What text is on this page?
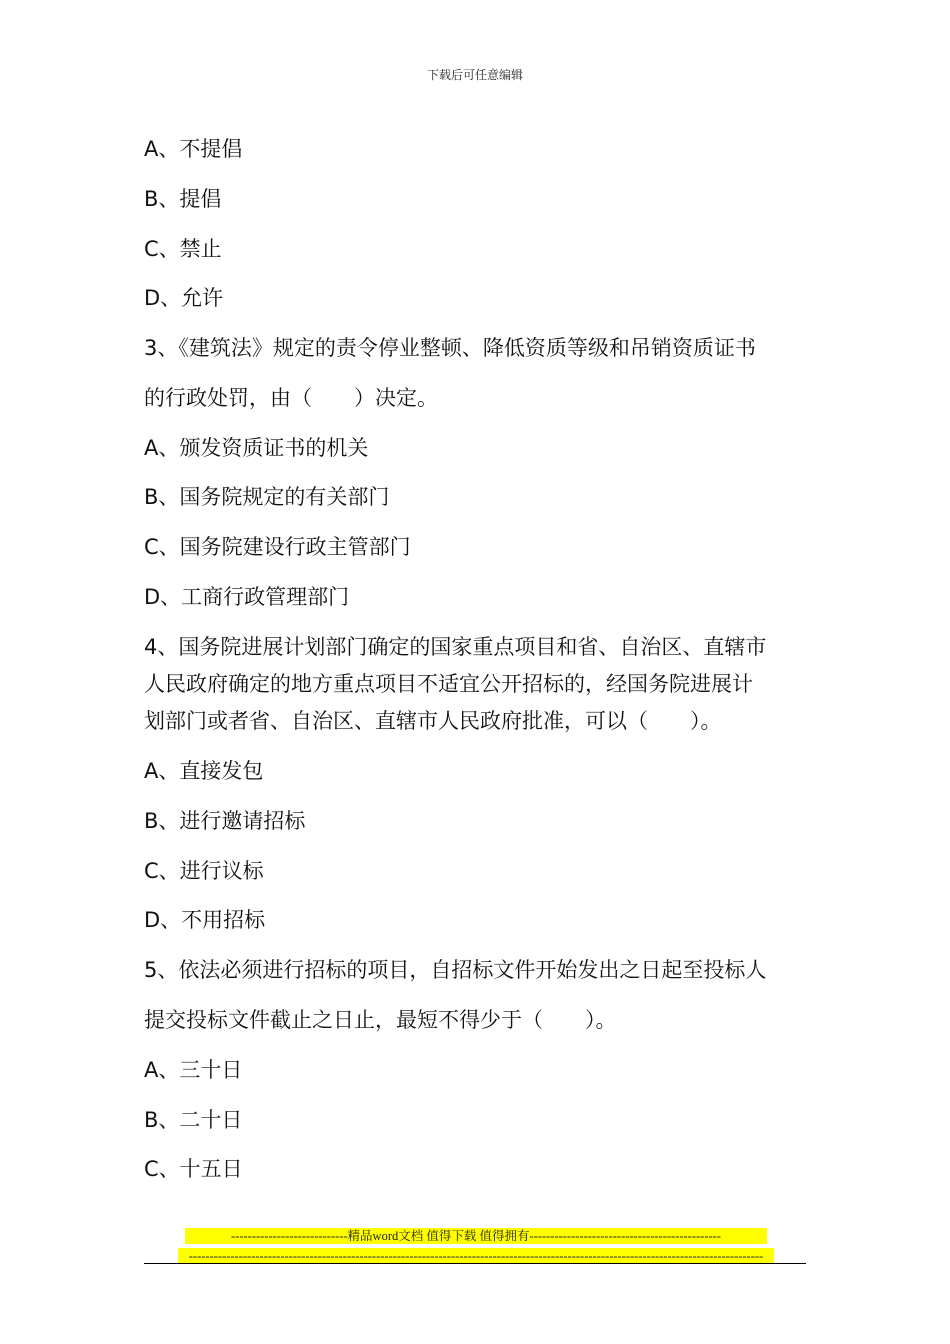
下载后可任意编辑
A、不提倡
B、提倡
C、禁止
D、允许
3、《建筑法》规定的责令停业整顿、降低资质等级和吊销资质证书
的行政处罚，由（　　）决定。
A、颁发资质证书的机关
B、国务院规定的有关部门
C、国务院建设行政主管部门
D、工商行政管理部门
4、国务院进展计划部门确定的国家重点项目和省、自治区、直辖市
人民政府确定的地方重点项目不适宜公开招标的，经国务院进展计
划部门或者省、自治区、直辖市人民政府批准，可以（　　）。
A、直接发包
B、进行邀请招标
C、进行议标
D、不用招标
5、依法必须进行招标的项目，自招标文件开始发出之日起至投标人
提交投标文件截止之日止，最短不得少于（　　）。
A、三十日
B、二十日
C、十五日
----------------------------精品word文档 值得下载 值得拥有----------------------------------------------
------------------------------------------------------------------------------------------------------------------------------------------
